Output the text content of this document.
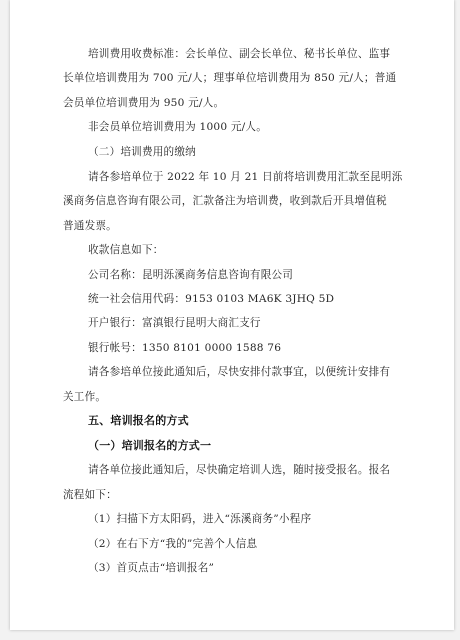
培训费用收费标准：会长单位、副会长单位、秘书长单位、监事
长单位培训费用为 700 元/人；理事单位培训费用为 850 元/人；普通
会员单位培训费用为 950 元/人。
非会员单位培训费用为 1000 元/人。
（二）培训费用的缴纳
请各参培单位于 2022 年 10 月 21 日前将培训费用汇款至昆明泺
溪商务信息咨询有限公司，汇款备注为培训费，收到款后开具增值税
普通发票。
收款信息如下：
公司名称：昆明泺溪商务信息咨询有限公司
统一社会信用代码：9153 0103 MA6K 3JHQ 5D
开户银行：富滇银行昆明大商汇支行
银行帐号：1350 8101 0000 1588 76
请各参培单位接此通知后，尽快安排付款事宜，以便统计安排有
关工作。
五、培训报名的方式
（一）培训报名的方式一
请各单位接此通知后，尽快确定培训人选，随时接受报名。报名
流程如下：
（1）扫描下方太阳码，进入“泺溪商务”小程序
（2）在右下方“我的”完善个人信息
（3）首页点击“培训报名”
